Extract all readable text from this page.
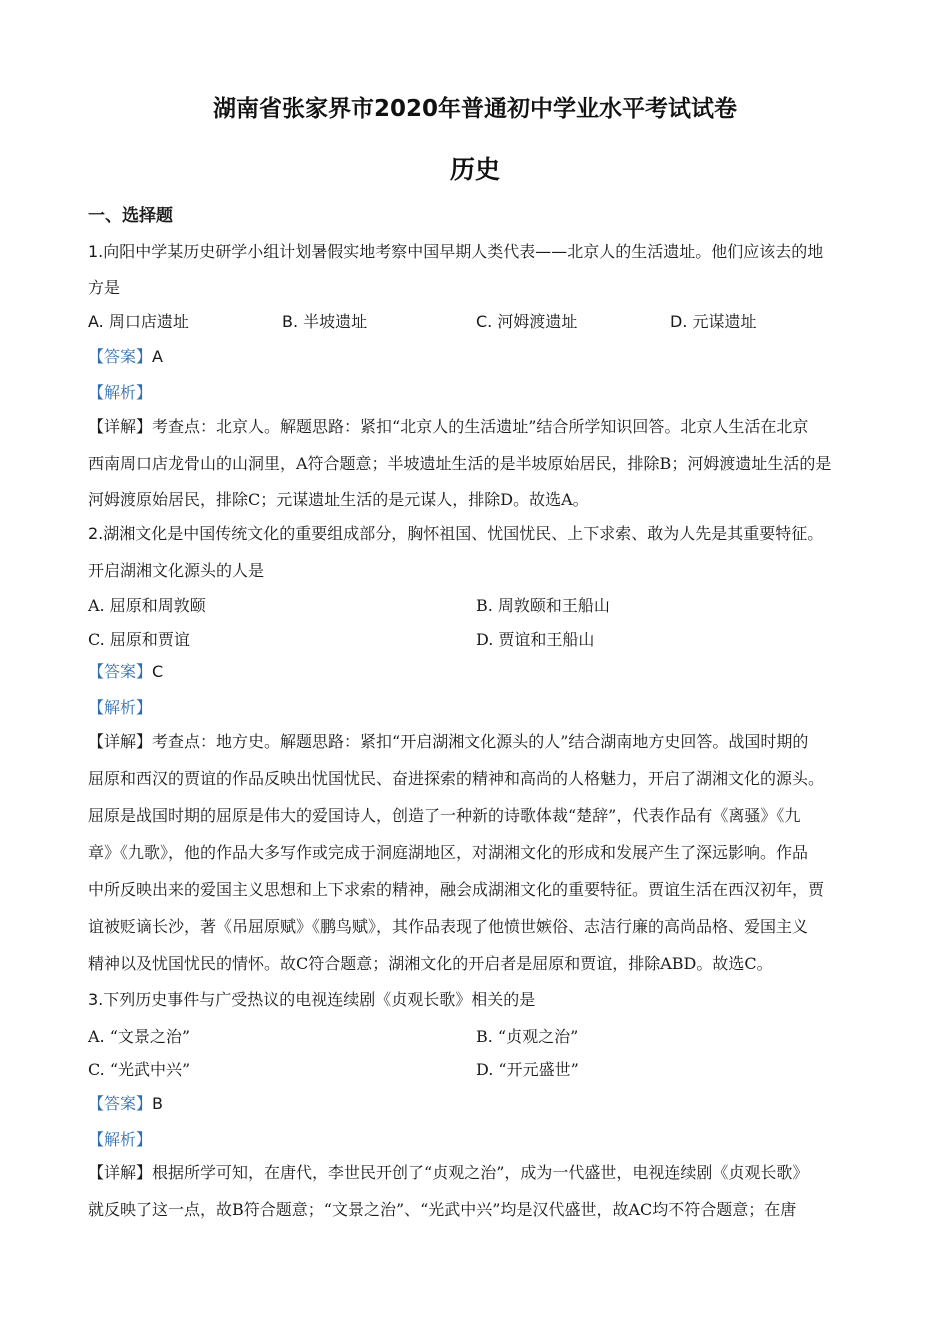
湖南省张家界市2020年普通初中学业水平考试试卷
历史
一、选择题
1.向阳中学某历史研学小组计划暑假实地考察中国早期人类代表——北京人的生活遗址。他们应该去的地
方是
A. 周口店遗址	B. 半坡遗址	C. 河姆渡遗址	D. 元谋遗址
【答案】A
【解析】
【详解】考查点：北京人。解题思路：紧扣“北京人的生活遗址”结合所学知识回答。北京人生活在北京
西南周口店龙骨山的山洞里，A符合题意；半坡遗址生活的是半坡原始居民，排除B；河姆渡遗址生活的是
河姆渡原始居民，排除C；元谋遗址生活的是元谋人，排除D。故选A。
2.湖湘文化是中国传统文化的重要组成部分，胸怀祖国、忧国忧民、上下求索、敢为人先是其重要特征。
开启湖湘文化源头的人是
A. 屈原和周敦颐	B. 周敦颐和王船山
C. 屈原和贾谊	D. 贾谊和王船山
【答案】C
【解析】
【详解】考查点：地方史。解题思路：紧扣“开启湖湘文化源头的人”结合湖南地方史回答。战国时期的
屈原和西汉的贾谊的作品反映出忧国忧民、奋进探索的精神和高尚的人格魅力，开启了湖湘文化的源头。
屈原是战国时期的屈原是伟大的爱国诗人，创造了一种新的诗歌体裁“楚辞”，代表作品有《离骚》《九
章》《九歌》，他的作品大多写作或完成于洞庭湖地区，对湖湘文化的形成和发展产生了深远影响。作品
中所反映出来的爱国主义思想和上下求索的精神，融会成湖湘文化的重要特征。贾谊生活在西汉初年，贾
谊被贬谪长沙，著《吊屈原赋》《鹏鸟赋》，其作品表现了他愤世嫉俗、志洁行廉的高尚品格、爱国主义
精神以及忧国忧民的情怀。故C符合题意；湖湘文化的开启者是屈原和贾谊，排除ABD。故选C。
3.下列历史事件与广受热议的电视连续剧《贞观长歌》相关的是
A. “文景之治”	B. “贞观之治”
C. “光武中兴”	D. “开元盛世”
【答案】B
【解析】
【详解】根据所学可知，在唐代，李世民开创了“贞观之治”，成为一代盛世，电视连续剧《贞观长歌》
就反映了这一点，故B符合题意；“文景之治”、“光武中兴”均是汉代盛世，故AC均不符合题意；在唐
